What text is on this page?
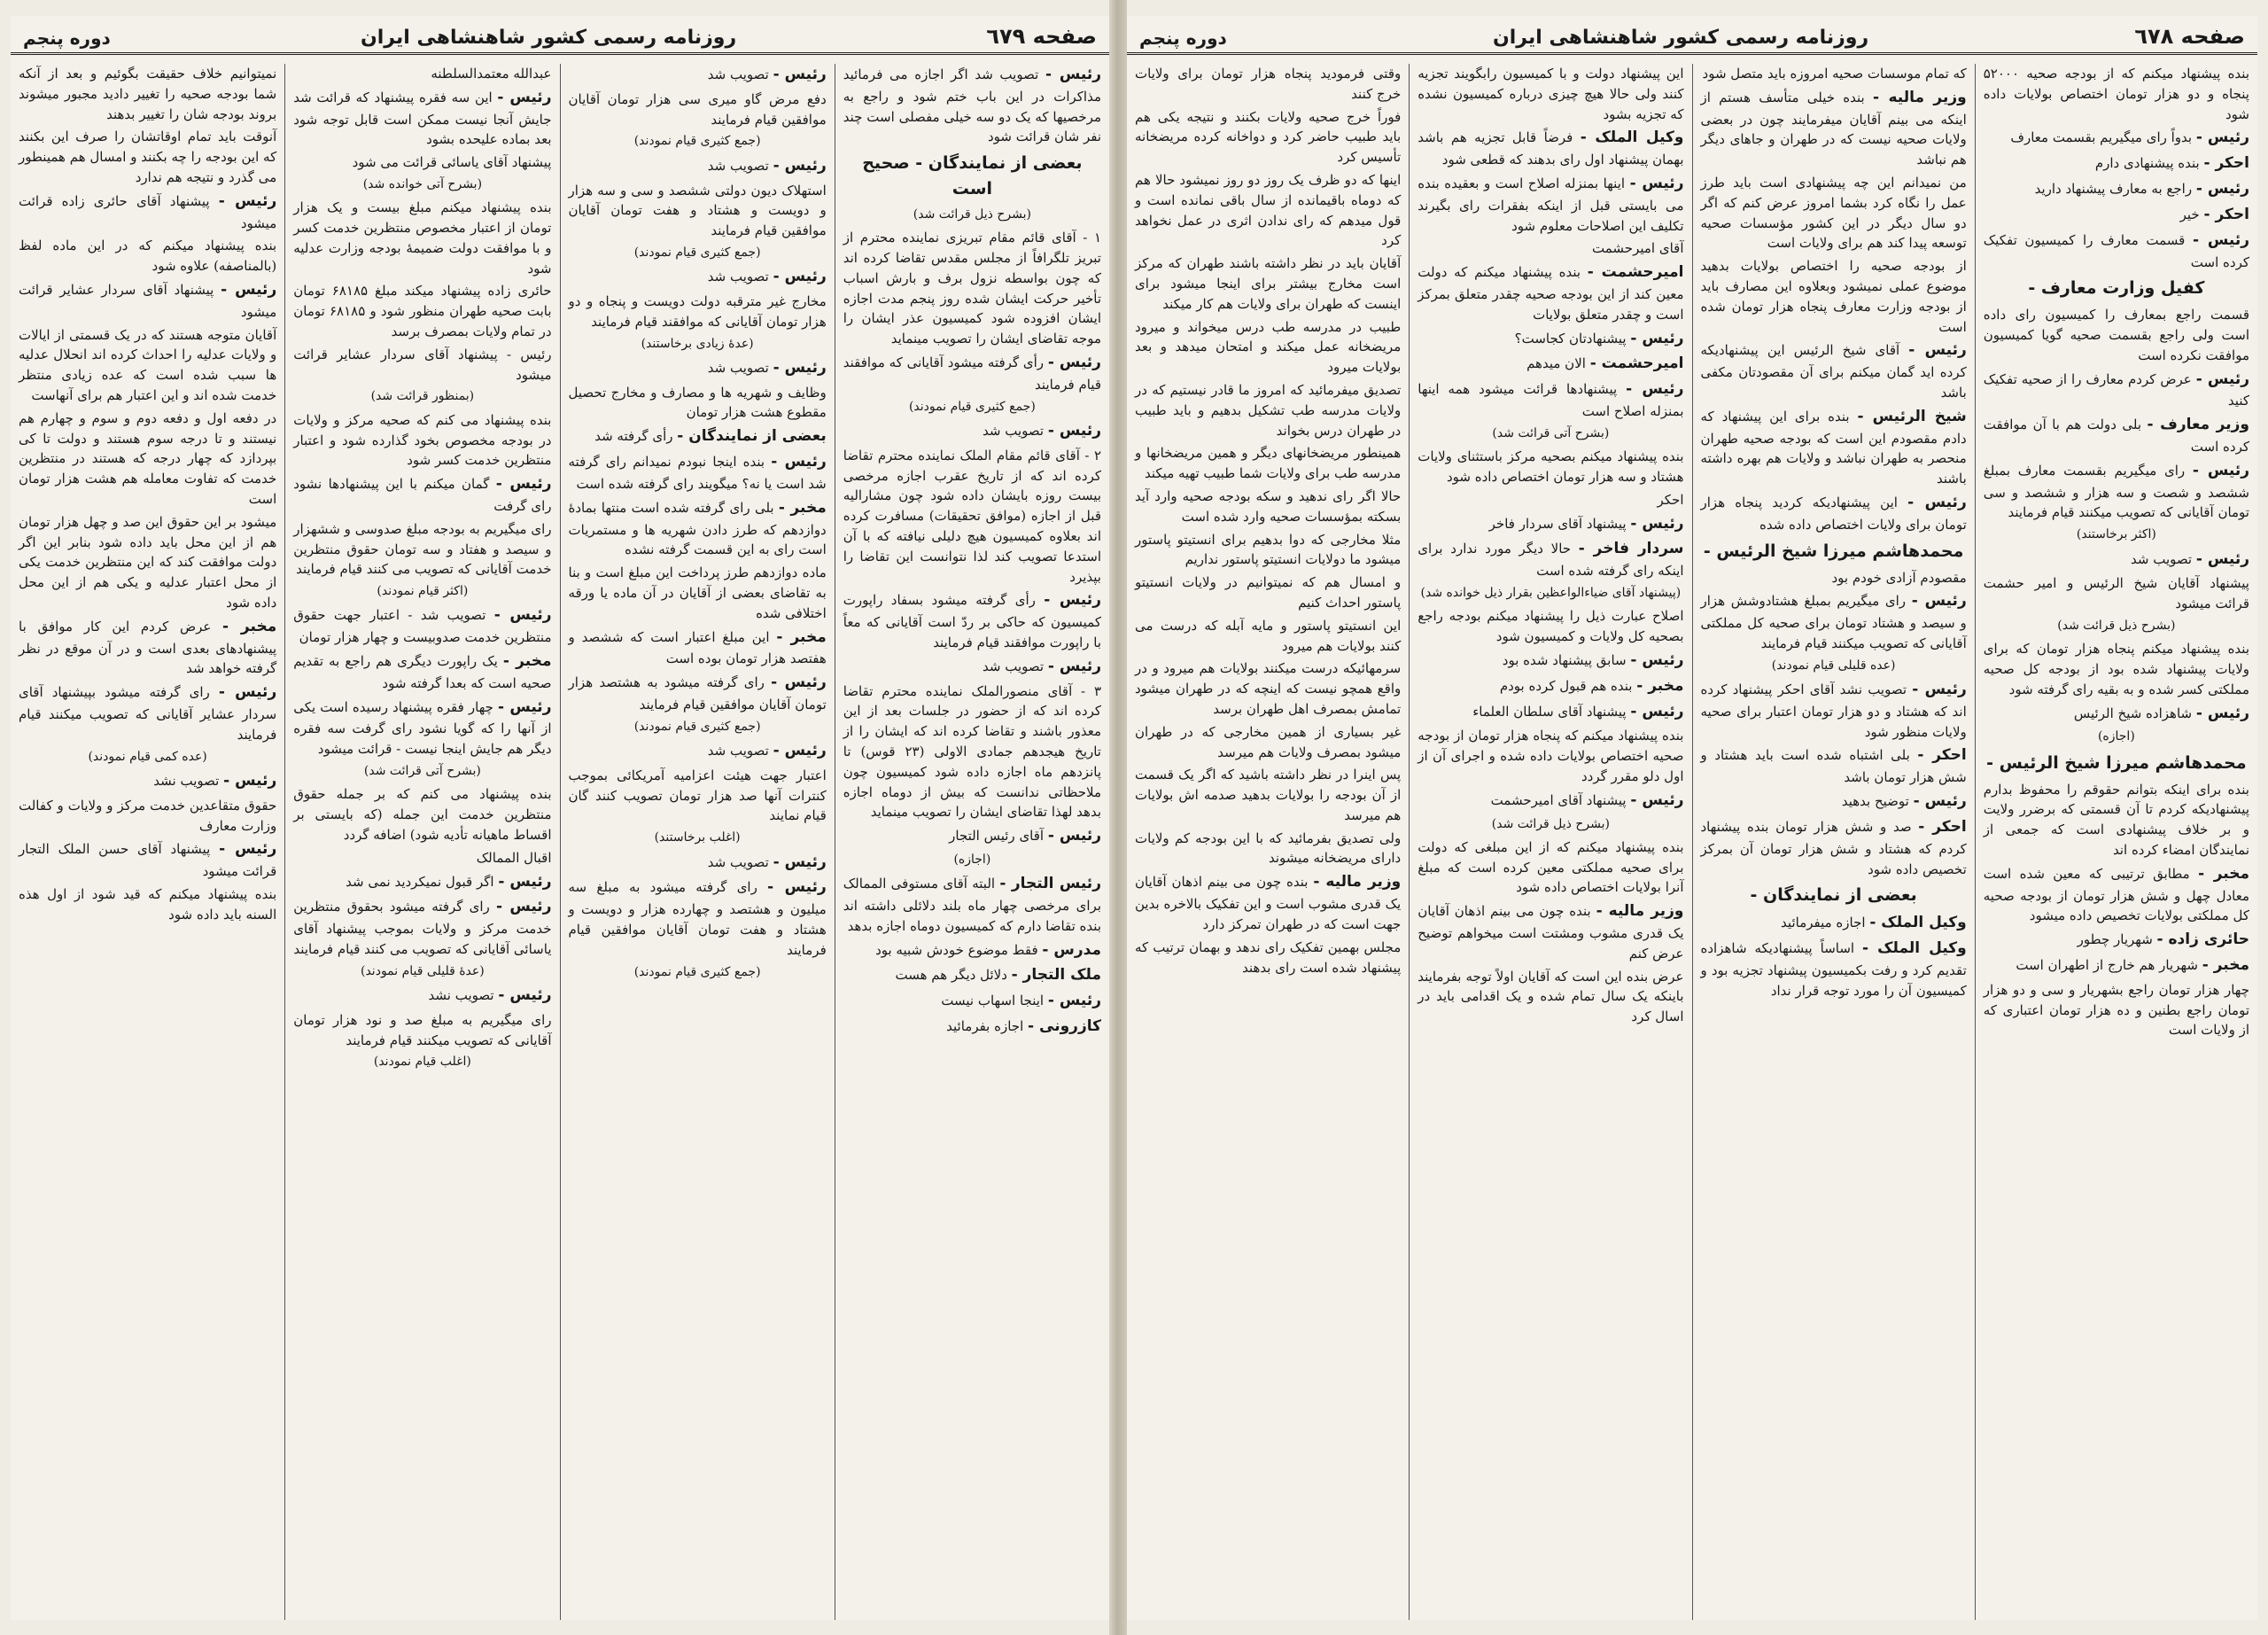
صفحه ٦٧٩
روزنامه رسمی کشور شاهنشاهی ایران
دوره پنجم

رئیس - تصویب شد اگر اجازه می فرمائید مذاکرات در این باب ختم شود و راجع به مرخصیها که یک دو سه خیلی مفصلی است چند نفر شان قرائت شود

بعضی از نمایندگان - صحیح است
(بشرح ذیل قرائت شد)

۱ - آقای قائم مقام تبریزی نماینده محترم از تبریز تلگرافاً از مجلس مقدس تقاضا کرده اند که چون بواسطه نزول برف و بارش اسباب تأخیر حرکت ایشان شده روز پنجم مدت اجازه ایشان افزوده شود کمیسیون عذر ایشان را موجه تقاضای ایشان را تصویب مینماید

رئیس - رأی گرفته میشود آقایانی که موافقند قیام فرمایند

(جمع کثیری قیام نمودند)

رئیس - تصویب شد

۲ - آقای قائم مقام الملک نماینده محترم تقاضا کرده اند که از تاریخ عقرب اجازه مرخصی بیست روزه بایشان داده شود چون مشارالیه قبل از اجازه (موافق تحقیقات) مسافرت کرده اند بعلاوه کمیسیون هیچ دلیلی نیافته که با آن استدعا تصویب کند لذا نتوانست این تقاضا را بپذیرد

رئیس - رأی گرفته میشود بسفاد راپورت کمیسیون که حاکی بر ردّ است آقایانی که معاً با راپورت موافقند قیام فرمایند

رئیس - تصویب شد

۳ - آقای منصورالملک نماینده محترم تقاضا کرده اند که از حضور در جلسات بعد از این معذور باشند و تقاضا کرده اند که ایشان را از تاریخ هیجدهم جمادی الاولی (۲۳ قوس) تا پانزدهم ماه اجازه داده شود کمیسیون چون ملاحظاتی ندانست که بیش از دوماه اجازه بدهد لهذا تقاضای ایشان را تصویب مینماید

رئیس - آقای رئیس التجار

(اجازه)

رئیس التجار - البته آقای مستوفی الممالک برای مرخصی چهار ماه بلند دلائلی داشته اند بنده تقاضا دارم که کمیسیون دوماه اجازه بدهد

مدرس - فقط موضوع خودش شبیه بود

ملک التجار - دلائل دیگر هم هست

رئیس - اینجا اسهاب نیست

کازرونی - اجازه بفرمائید

رئیس - تصویب شد

دفع مرض گاو میری سی هزار تومان آقایان موافقین قیام فرمایند

(جمع کثیری قیام نمودند)

رئیس - تصویب شد

استهلاک دیون دولتی ششصد و سی و سه هزار و دویست و هشتاد و هفت تومان آقایان موافقین قیام فرمایند

(جمع کثیری قیام نمودند)

رئیس - تصویب شد

مخارج غیر مترقبه دولت دویست و پنجاه و دو هزار تومان آقایانی که موافقند قیام فرمایند

(عدهٔ زیادی برخاستند)

رئیس - تصویب شد

وظایف و شهریه ها و مصارف و مخارج تحصیل مقطوع هشت هزار تومان

بعضی از نمایندگان - رأی گرفته شد

رئیس - بنده اینجا نبودم نمیدانم رای گرفته شد است یا نه؟ میگویند رای گرفته شده است

مخبر - بلی رای گرفته شده است منتها بمادهٔ دوازدهم که طرز دادن شهریه ها و مستمریات است رای به این قسمت گرفته نشده

ماده دوازدهم طرز پرداخت این مبلغ است و بنا به تقاضای بعضی از آقایان در آن ماده یا ورقه اختلافی شده

مخبر - این مبلغ اعتبار است که ششصد و هفتصد هزار تومان بوده است

رئیس - رای گرفته میشود به هشتصد هزار تومان آقایان موافقین قیام فرمایند

(جمع کثیری قیام نمودند)

رئیس - تصویب شد

اعتبار جهت هیئت اعزامیه آمریکائی بموجب کنترات آنها صد هزار تومان تصویب کنند گان قیام نمایند

(اغلب برخاستند)

رئیس - تصویب شد

رئیس - رای گرفته میشود به مبلغ سه میلیون و هشتصد و چهارده هزار و دویست و هشتاد و هفت تومان آقایان موافقین قیام فرمایند

(جمع کثیری قیام نمودند)

عبدالله معتمدالسلطنه

رئیس - این سه فقره پیشنهاد که قرائت شد جایش آنجا نیست ممکن است قابل توجه شود بعد بماده علیحده بشود

پیشنهاد آقای یاسائی قرائت می شود

(بشرح آتی خوانده شد)

بنده پیشنهاد میکنم مبلغ بیست و یک هزار تومان از اعتبار مخصوص منتظرین خدمت کسر و با موافقت دولت ضمیمهٔ بودجه وزارت عدلیه شود

حائری زاده پیشنهاد میکند مبلغ ۶۸۱۸۵ تومان بابت صحیه طهران منظور شود و ۶۸۱۸۵ تومان در تمام ولایات بمصرف برسد

رئیس - پیشنهاد آقای سردار عشایر قرائت میشود

(بمنظور قرائت شد)

بنده پیشنهاد می کنم که صحیه مرکز و ولایات در بودجه مخصوص بخود گذارده شود و اعتبار منتظرین خدمت کسر شود

رئیس - گمان میکنم با این پیشنهادها نشود رای گرفت

رای میگیریم به بودجه مبلغ صدوسی و ششهزار و سیصد و هفتاد و سه تومان حقوق منتظرین خدمت آقایانی که تصویب می کنند قیام فرمایند

(اکثر قیام نمودند)

رئیس - تصویب شد - اعتبار جهت حقوق منتظرین خدمت صدوبیست و چهار هزار تومان

مخبر - یک راپورت دیگری هم راجع به تقدیم صحیه است که بعدا گرفته شود

رئیس - چهار فقره پیشنهاد رسیده است یکی از آنها را که گویا نشود رای گرفت سه فقره دیگر هم جایش اینجا نیست - قرائت میشود

(بشرح آتی قرائت شد)

بنده پیشنهاد می کنم که بر جمله حقوق منتظرین خدمت این جمله (که بایستی بر اقساط ماهیانه تأدیه شود) اضافه گردد

اقبال الممالک

رئیس - اگر قبول نمیکردید نمی شد

رئیس - رای گرفته میشود بحقوق منتظرین خدمت مرکز و ولایات بموجب پیشنهاد آقای یاسائی آقایانی که تصویب می کنند قیام فرمایند

(عدهٔ قلیلی قیام نمودند)

رئیس - تصویب نشد

رای میگیریم به مبلغ صد و نود هزار تومان آقایانی که تصویب میکنند قیام فرمایند

(اغلب قیام نمودند)

نمیتوانیم خلاف حقیقت بگوئیم و بعد از آنکه شما بودجه صحیه را تغییر دادید مجبور میشوند بروند بودجه شان را تغییر بدهند

آنوقت باید تمام اوقاتشان را صرف این بکنند که این بودجه را چه بکنند و امسال هم همینطور می گذرد و نتیجه هم ندارد

رئیس - پیشنهاد آقای حائری زاده قرائت میشود

بنده پیشنهاد میکنم که در این ماده لفظ (بالمناصفه) علاوه شود

رئیس - پیشنهاد آقای سردار عشایر قرائت میشود

آقایان متوجه هستند که در یک قسمتی از ایالات و ولایات عدلیه را احداث کرده اند انحلال عدلیه ها سبب شده است که عده زیادی منتظر خدمت شده اند و این اعتبار هم برای آنهاست

در دفعه اول و دفعه دوم و سوم و چهارم هم نیستند و تا درجه سوم هستند و دولت تا کی بپردازد که چهار درجه که هستند در منتظرین خدمت که تفاوت معامله هم هشت هزار تومان است

میشود بر این حقوق این صد و چهل هزار تومان هم از این محل باید داده شود بنابر این اگر دولت موافقت کند که این منتظرین خدمت یکی از محل اعتبار عدلیه و یکی هم از این محل داده شود

مخبر - عرض کردم این کار موافق با پیشنهادهای بعدی است و در آن موقع در نظر گرفته خواهد شد

رئیس - رای گرفته میشود بپیشنهاد آقای سردار عشایر آقایانی که تصویب میکنند قیام فرمایند

(عده کمی قیام نمودند)

رئیس - تصویب نشد

حقوق متقاعدین خدمت مرکز و ولایات و کفالت وزارت معارف

رئیس - پیشنهاد آقای حسن الملک التجار قرائت میشود

بنده پیشنهاد میکنم که قید شود از اول هذه السنه باید داده شود

صفحه ٦٧٨
روزنامه رسمی کشور شاهنشاهی ایران
دوره پنجم

بنده پیشنهاد میکنم که از بودجه صحیه ۵۲۰۰۰ پنجاه و دو هزار تومان اختصاص بولایات داده شود

رئیس - بدواً رای میگیریم بقسمت معارف

احکر - بنده پیشنهادی دارم

رئیس - راجع به معارف پیشنهاد دارید

احکر - خیر

رئیس - قسمت معارف را کمیسیون تفکیک کرده است

کفیل وزارت معارف -

قسمت راجع بمعارف را کمیسیون رای داده است ولی راجع بقسمت صحیه گویا کمیسیون موافقت نکرده است

رئیس - عرض کردم معارف را از صحیه تفکیک کنید

وزیر معارف - بلی دولت هم با آن موافقت کرده است

رئیس - رای میگیریم بقسمت معارف بمبلغ ششصد و شصت و سه هزار و ششصد و سی تومان آقایانی که تصویب میکنند قیام فرمایند

(اکثر برخاستند)

رئیس - تصویب شد

پیشنهاد آقایان شیخ الرئیس و امیر حشمت قرائت میشود

(بشرح ذیل قرائت شد)

بنده پیشنهاد میکنم پنجاه هزار تومان که برای ولایات پیشنهاد شده بود از بودجه کل صحیه مملکتی کسر شده و به بقیه رای گرفته شود

رئیس - شاهزاده شیخ الرئیس

(اجازه)
محمدهاشم میرزا شیخ الرئیس -

بنده برای اینکه بتوانم حقوقم را محفوظ بدارم پیشنهادیکه کردم تا آن قسمتی که برضرر ولایت و بر خلاف پیشنهادی است که جمعی از نمایندگان امضاء کرده اند

مخبر - مطابق ترتیبی که معین شده است معادل چهل و شش هزار تومان از بودجه صحیه کل مملکتی بولایات تخصیص داده میشود

حائری زاده - شهریار چطور

مخبر - شهریار هم خارج از اطهران است

چهار هزار تومان راجع بشهریار و سی و دو هزار تومان راجع بطنین و ده هزار تومان اعتباری که از ولایات است

که تمام موسسات صحیه امروزه باید متصل شود

وزیر مالیه - بنده خیلی متأسف هستم از اینکه می بینم آقایان میفرمایند چون در بعضی ولایات صحیه نیست که در طهران و جاهای دیگر هم نباشد

من نمیدانم این چه پیشنهادی است باید طرز عمل را نگاه کرد بشما امروز عرض کنم که اگر دو سال دیگر در این کشور مؤسسات صحیه توسعه پیدا کند هم برای ولایات است

از بودجه صحیه را اختصاص بولایات بدهید موضوع عملی نمیشود وبعلاوه این مصارف باید از بودجه وزارت معارف پنجاه هزار تومان شده است

رئیس - آقای شیخ الرئیس این پیشنهادیکه کرده اید گمان میکنم برای آن مقصودتان مکفی باشد

شیخ الرئیس - بنده برای این پیشنهاد که دادم مقصودم این است که بودجه صحیه طهران منحصر به طهران نباشد و ولایات هم بهره داشته باشند

رئیس - این پیشنهادیکه کردید پنجاه هزار تومان برای ولایات اختصاص داده شده

محمدهاشم میرزا شیخ الرئیس -

مقصودم آزادی خودم بود

رئیس - رای میگیریم بمبلغ هشتادوشش هزار و سیصد و هشتاد تومان برای صحیه کل مملکتی آقایانی که تصویب میکنند قیام فرمایند

(عده قلیلی قیام نمودند)

رئیس - تصویب نشد آقای احکر پیشنهاد کرده اند که هشتاد و دو هزار تومان اعتبار برای صحیه ولایات منظور شود

احکر - بلی اشتباه شده است باید هشتاد و شش هزار تومان باشد

رئیس - توضیح بدهید

احکر - صد و شش هزار تومان بنده پیشنهاد کردم که هشتاد و شش هزار تومان آن بمرکز تخصیص داده شود

بعضی از نمایندگان -

وکیل الملک - اجازه میفرمائید

وکیل الملک - اساساً پیشنهادیکه شاهزاده تقدیم کرد و رفت بکمیسیون پیشنهاد تجزیه بود و کمیسیون آن را مورد توجه قرار نداد

این پیشنهاد دولت و با کمیسیون رابگویند تجزیه کنند ولی حالا هیچ چیزی درباره کمیسیون نشده که تجزیه بشود

وکیل الملک - فرضاً قابل تجزیه هم باشد بهمان پیشنهاد اول رای بدهند که قطعی شود

رئیس - اینها بمنزله اصلاح است و بعقیده بنده می بایستی قبل از اینکه بفقرات رای بگیرند تکلیف این اصلاحات معلوم شود

آقای امیرحشمت

امیرحشمت - بنده پیشنهاد میکنم که دولت معین کند از این بودجه صحیه چقدر متعلق بمرکز است و چقدر متعلق بولایات

رئیس - پیشنهادتان کجاست؟

امیرحشمت - الان میدهم

رئیس - پیشنهادها قرائت میشود همه اینها بمنزله اصلاح است

(بشرح آتی قرائت شد)

بنده پیشنهاد میکنم بصحیه مرکز باستثنای ولایات هشتاد و سه هزار تومان اختصاص داده شود

احکر

رئیس - پیشنهاد آقای سردار فاخر

سردار فاخر - حالا دیگر مورد ندارد برای اینکه رای گرفته شده است

(پیشنهاد آقای ضیاءالواعظین بقرار ذیل خوانده شد)

اصلاح عبارت ذیل را پیشنهاد میکنم بودجه راجع بصحیه کل ولایات و کمیسیون شود

رئیس - سابق پیشنهاد شده بود

مخبر - بنده هم قبول کرده بودم

رئیس - پیشنهاد آقای سلطان العلماء

بنده پیشنهاد میکنم که پنجاه هزار تومان از بودجه صحیه اختصاص بولایات داده شده و اجرای آن از اول دلو مقرر گردد

رئیس - پیشنهاد آقای امیرحشمت

(بشرح ذیل قرائت شد)

بنده پیشنهاد میکنم که از این مبلغی که دولت برای صحیه مملکتی معین کرده است که مبلغ آنرا بولایات اختصاص داده شود

وزیر مالیه - بنده چون می بینم اذهان آقایان یک قدری مشوب ومشتت است میخواهم توضیح عرض کنم

عرض بنده این است که آقایان اولاً توجه بفرمایند باینکه یک سال تمام شده و یک اقدامی باید در اسال کرد

وقتی فرمودید پنجاه هزار تومان برای ولایات خرج کنند

فوراً خرج صحیه ولایات بکنند و نتیجه یکی هم باید طبیب حاضر کرد و دواخانه کرده مریضخانه تأسیس کرد

اینها که دو ظرف یک روز دو روز نمیشود حالا هم که دوماه باقیمانده از سال باقی نمانده است و قول میدهم که رای ندادن اثری در عمل نخواهد کرد

آقایان باید در نظر داشته باشند طهران که مرکز است مخارج بیشتر برای اینجا میشود برای اینست که طهران برای ولایات هم کار میکند

طبیب در مدرسه طب درس میخواند و میرود مریضخانه عمل میکند و امتحان میدهد و بعد بولایات میرود

تصدیق میفرمائید که امروز ما قادر نیستیم که در ولایات مدرسه طب تشکیل بدهیم و باید طبیب در طهران درس بخواند

همینطور مریضخانهای دیگر و همین مریضخانها و مدرسه طب برای ولایات شما طبیب تهیه میکند

حالا اگر رای ندهید و سکه بودجه صحیه وارد آید بسکته بمؤسسات صحیه وارد شده است

مثلا مخارجی که دوا بدهیم برای انستیتو پاستور میشود ما دولایات انستیتو پاستور نداریم

و امسال هم که نمیتوانیم در ولایات انستیتو پاستور احداث کنیم

این انستیتو پاستور و مایه آبله که درست می کنند بولایات هم میرود

سرمهائیکه درست میکنند بولایات هم میرود و در واقع همچو نیست که اینچه که در طهران میشود تمامش بمصرف اهل طهران برسد

غیر بسیاری از همین مخارجی که در طهران میشود بمصرف ولایات هم میرسد

پس اینرا در نظر داشته باشید که اگر یک قسمت از آن بودجه را بولایات بدهید صدمه اش بولایات هم میرسد

ولی تصدیق بفرمائید که با این بودجه کم ولایات دارای مریضخانه میشوند

وزیر مالیه - بنده چون می بینم اذهان آقایان یک قدری مشوب است و این تفکیک بالاخره بدین جهت است که در طهران تمرکز دارد

مجلس بهمین تفکیک رای ندهد و بهمان ترتیب که پیشنهاد شده است رای بدهند
